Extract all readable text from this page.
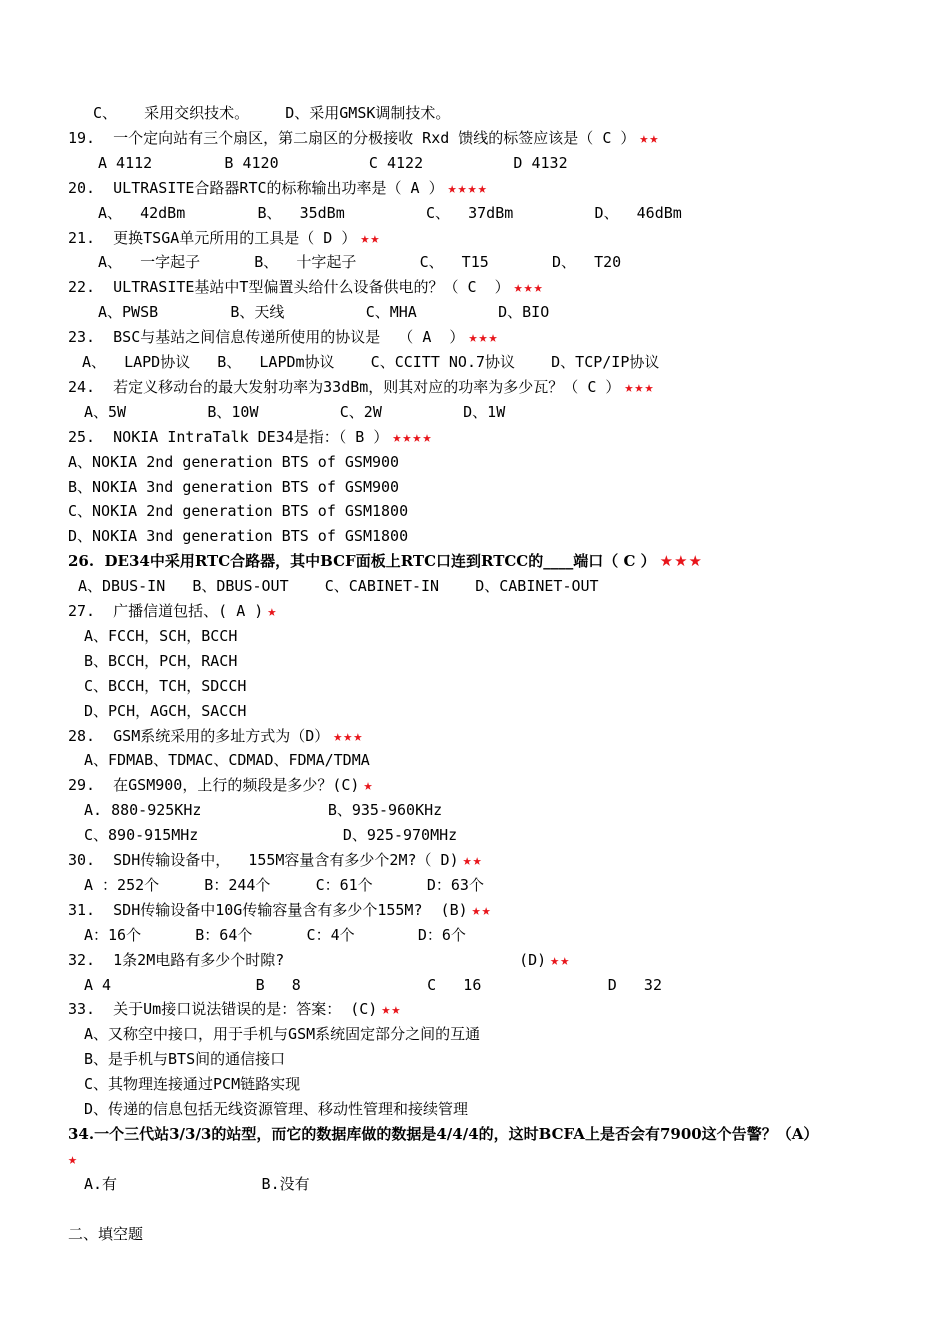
C、   采用交织技术。    D、采用GMSK调制技术。
19.  一个定向站有三个扇区，第二扇区的分极接收 Rxd 馈线的标签应该是（ C ） ★★
A 4112        B 4120          C 4122          D 4132
20.  ULTRASITE合路器RTC的标称输出功率是（ A ） ★★★★
A、  42dBm        B、  35dBm         C、  37dBm         D、  46dBm
21.  更换TSGA单元所用的工具是（ D ） ★★
A、  一字起子      B、  十字起子       C、  T15       D、  T20
22.  ULTRASITE基站中T型偏置头给什么设备供电的？（ C  ） ★★★
A、PWSB        B、天线         C、MHA         D、BIO
23.  BSC与基站之间信息传递所使用的协议是  （ A  ） ★★★
A、  LAPD协议   B、  LAPDm协议    C、CCITT NO.7协议    D、TCP/IP协议
24.  若定义移动台的最大发射功率为33dBm，则其对应的功率为多少瓦？（ C ） ★★★
A、5W         B、10W         C、2W         D、1W
25.  NOKIA IntraTalk DE34是指：（ B ） ★★★★
A、NOKIA 2nd generation BTS of GSM900
B、NOKIA 3nd generation BTS of GSM900
C、NOKIA 2nd generation BTS of GSM1800
D、NOKIA 3nd generation BTS of GSM1800
26.  DE34中采用RTC合路器，其中BCF面板上RTC口连到RTCC的____端口（ C ） ★★★
A、DBUS-IN   B、DBUS-OUT    C、CABINET-IN    D、CABINET-OUT
27.  广播信道包括、( A ) ★
A、FCCH，SCH，BCCH
B、BCCH，PCH，RACH
C、BCCH，TCH，SDCCH
D、PCH，AGCH，SACCH
28.  GSM系统采用的多址方式为（D） ★★★
A、FDMAB、TDMAC、CDMAD、FDMA/TDMA
29.  在GSM900，上行的频段是多少？(C) ★
A. 880-925KHz              B、935-960KHz
C、890-915MHz                D、925-970MHz
30.  SDH传输设备中，  155M容量含有多少个2M?（ D) ★★
A ：252个     B：244个     C：61个      D：63个
31.  SDH传输设备中10G传输容量含有多少个155M?  (B) ★★
A：16个      B：64个      C：4个       D：6个
32.  1条2M电路有多少个时隙?                          (D) ★★
A 4                B   8              C   16              D   32
33.  关于Um接口说法错误的是：答案： (C) ★★
A、又称空中接口，用于手机与GSM系统固定部分之间的互通
B、是手机与BTS间的通信接口
C、其物理连接通过PCM链路实现
D、传递的信息包括无线资源管理、移动性管理和接续管理
34.一个三代站3/3/3的站型，而它的数据库做的数据是4/4/4的，这时BCFA上是否会有7900这个告警？（A）
★
A.有                B.没有
二、填空题
